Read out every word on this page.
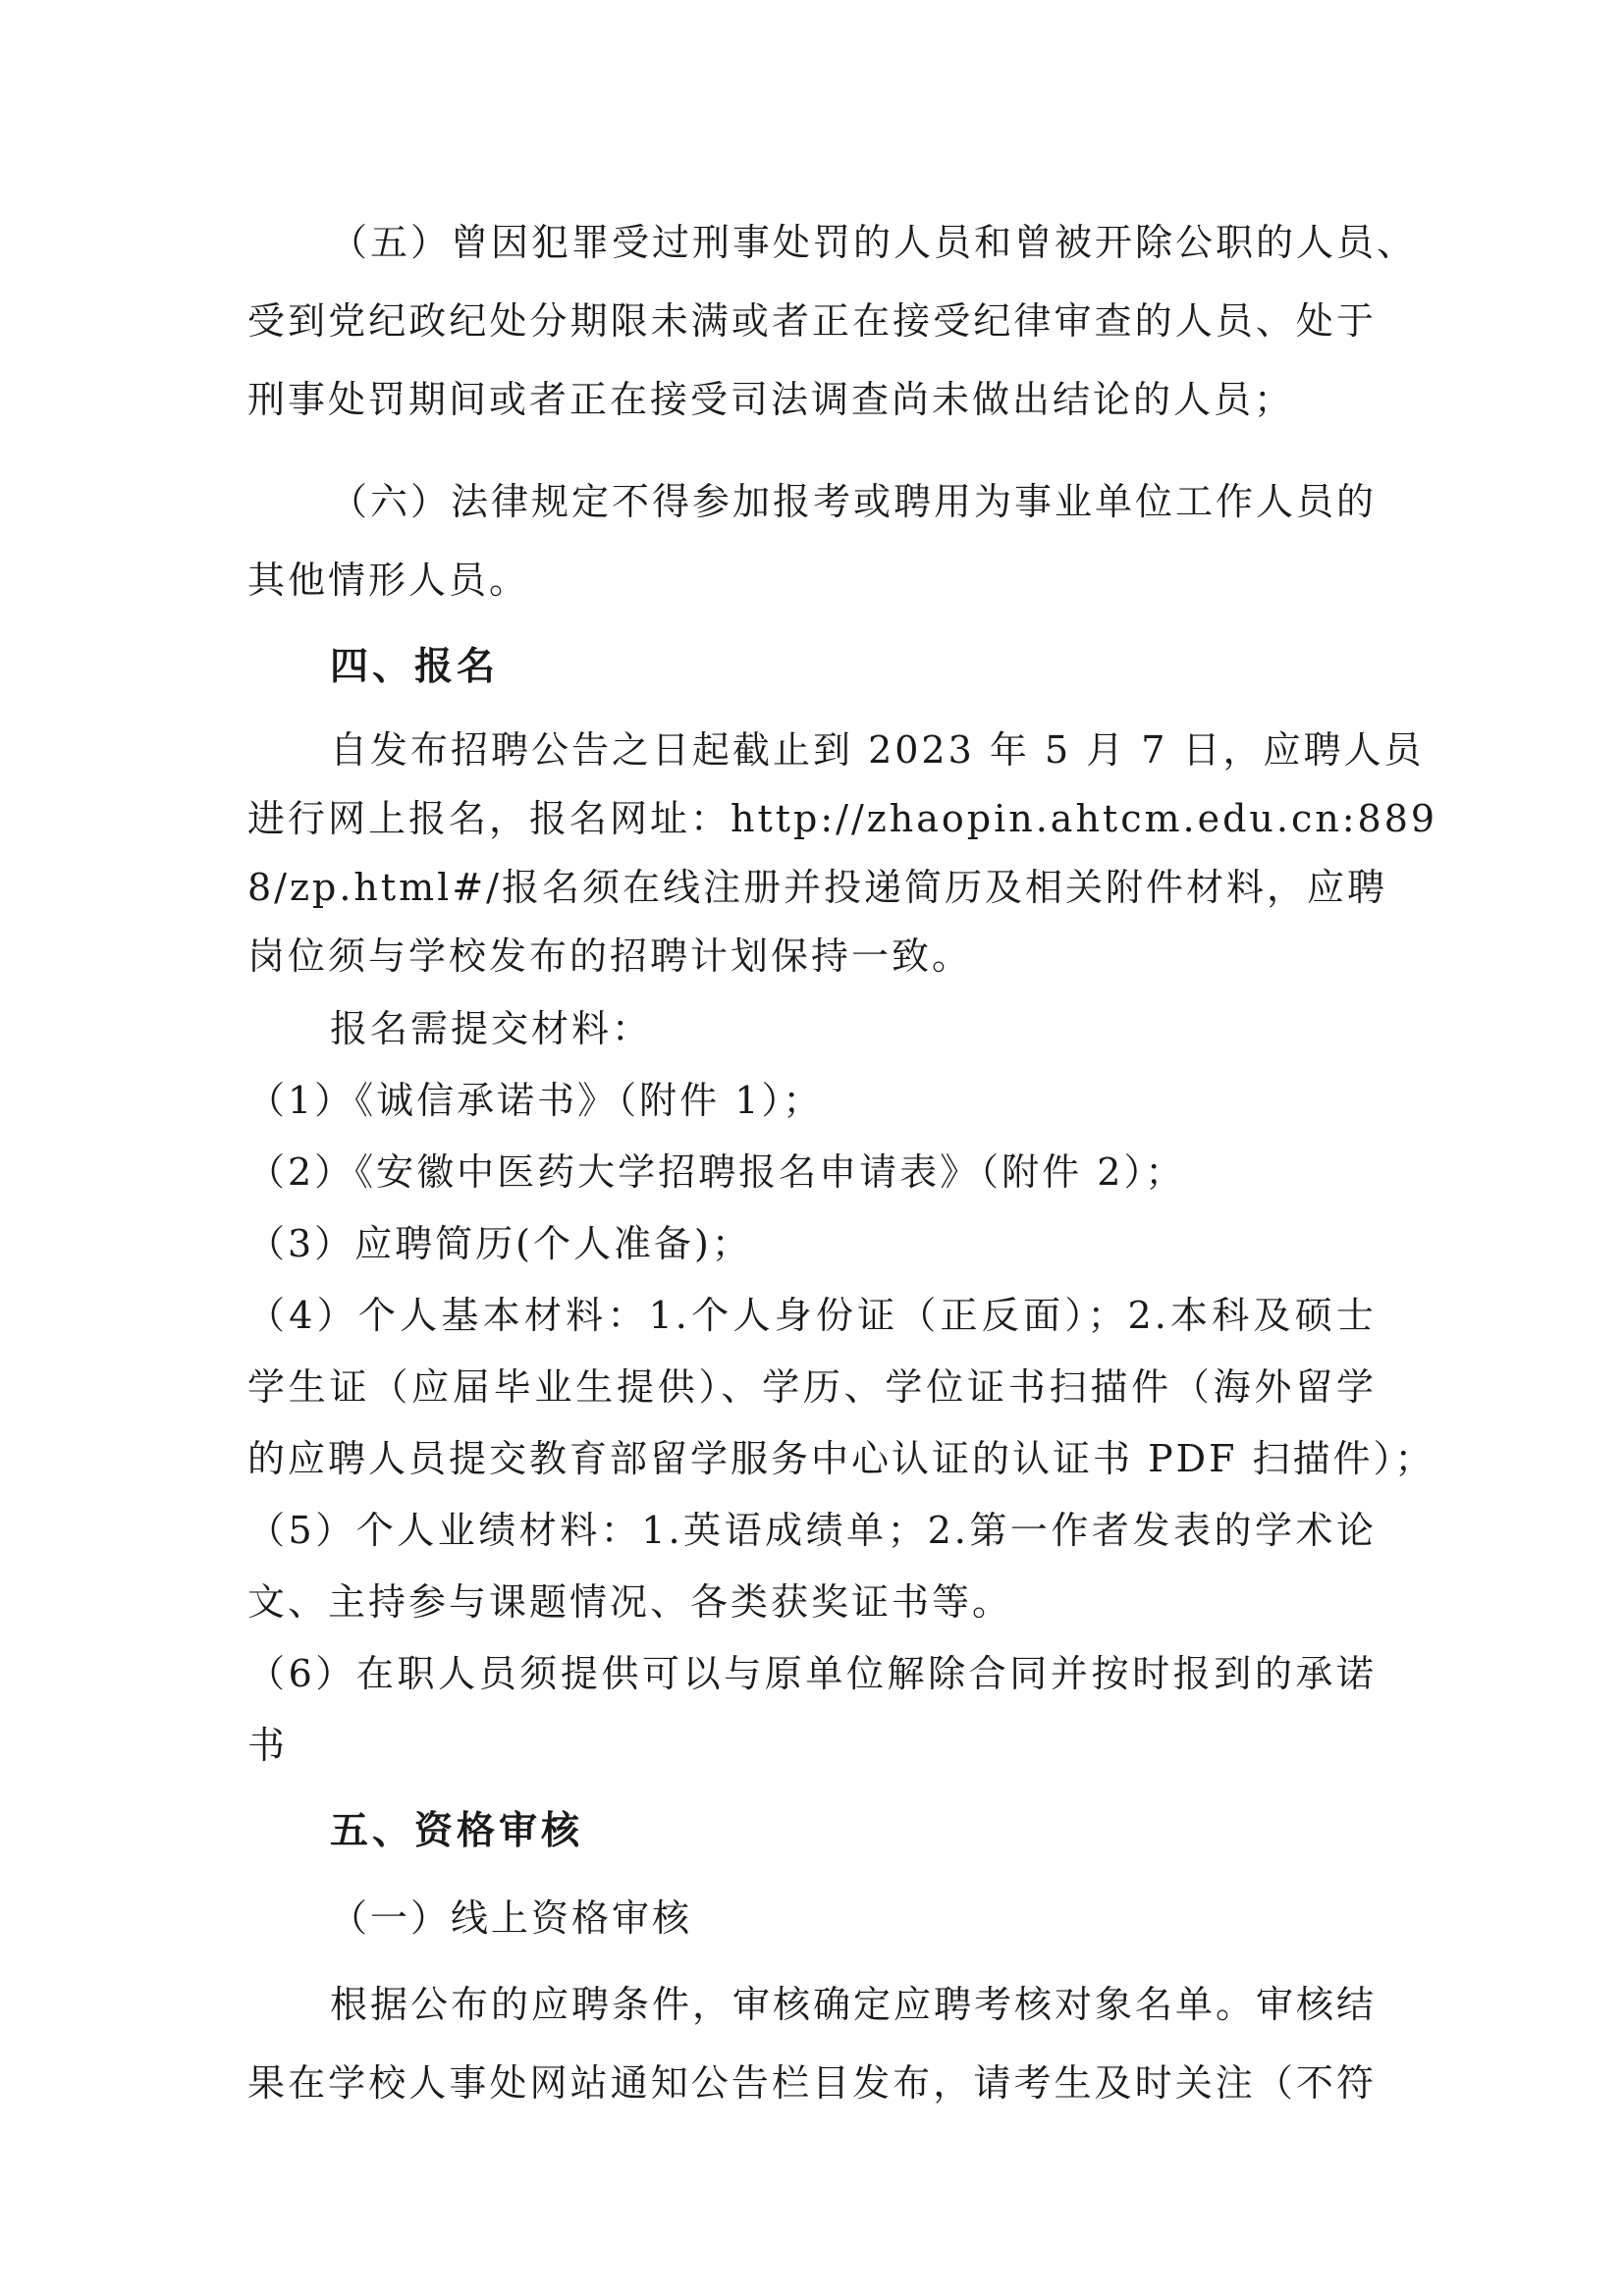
（五）曾因犯罪受过刑事处罚的人员和曾被开除公职的人员、
受到党纪政纪处分期限未满或者正在接受纪律审查的人员、处于
刑事处罚期间或者正在接受司法调查尚未做出结论的人员；
（六）法律规定不得参加报考或聘用为事业单位工作人员的
其他情形人员。
四、报名
自发布招聘公告之日起截止到 2023 年 5 月 7 日，应聘人员
进行网上报名，报名网址：http://zhaopin.ahtcm.edu.cn:889
8/zp.html#/报名须在线注册并投递简历及相关附件材料，应聘
岗位须与学校发布的招聘计划保持一致。
报名需提交材料：
（1）《诚信承诺书》（附件 1）；
（2）《安徽中医药大学招聘报名申请表》（附件 2）；
（3）应聘简历(个人准备)；
（4）个人基本材料：1.个人身份证（正反面）；2.本科及硕士
学生证（应届毕业生提供）、学历、学位证书扫描件（海外留学
的应聘人员提交教育部留学服务中心认证的认证书 PDF 扫描件）；
（5）个人业绩材料：1.英语成绩单；2.第一作者发表的学术论
文、主持参与课题情况、各类获奖证书等。
（6）在职人员须提供可以与原单位解除合同并按时报到的承诺
书
五、资格审核
（一）线上资格审核
根据公布的应聘条件，审核确定应聘考核对象名单。审核结
果在学校人事处网站通知公告栏目发布，请考生及时关注（不符
